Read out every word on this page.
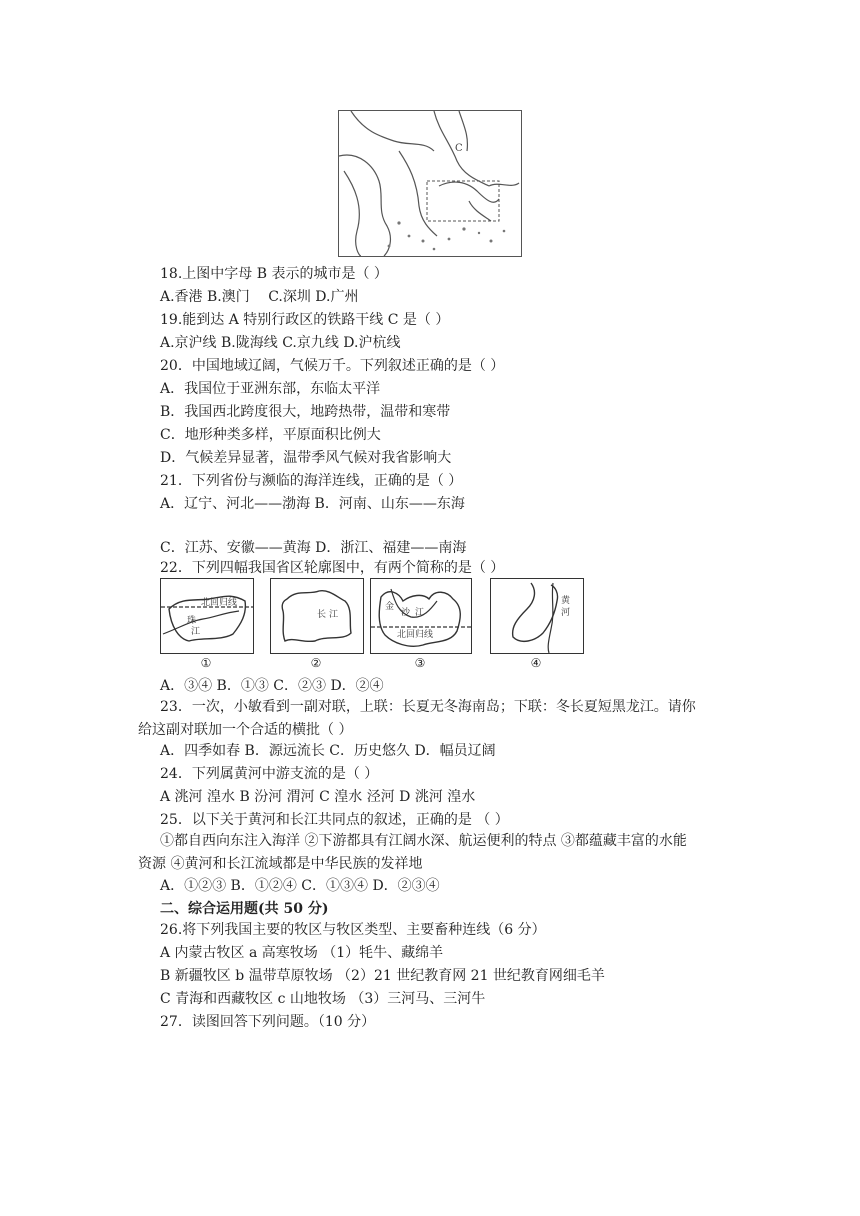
C
18.上图中字母 B 表示的城市是（ ）
A.香港 B.澳门　 C.深圳 D.广州
19.能到达 A 特别行政区的铁路干线 C 是（ ）
A.京沪线 B.陇海线 C.京九线 D.沪杭线
20．中国地域辽阔，气候万千。下列叙述正确的是（ ）
A．我国位于亚洲东部，东临太平洋
B．我国西北跨度很大，地跨热带，温带和寒带
C．地形种类多样，平原面积比例大
D．气候差异显著，温带季风气候对我省影响大
21．下列省份与濒临的海洋连线，正确的是（ ）
A．辽宁、河北——渤海 B．河南、山东——东海
C．江苏、安徽——黄海 D．浙江、福建——南海
22．下列四幅我国省区轮廓图中，有两个简称的是（ ）
北回归线
珠
江
长 江
金
沙 江
北回归线
黄
河
①	②	③	④
A．③④ B．①③ C．②③ D．②④
23．一次，小敏看到一副对联，上联：长夏无冬海南岛；下联：冬长夏短黑龙江。请你
给这副对联加一个合适的横批（ ）
A．四季如春 B．源远流长 C．历史悠久 D．幅员辽阔
24．下列属黄河中游支流的是（ ）
A 洮河 湟水 B 汾河 渭河 C 湟水 泾河 D 洮河 湟水
25．以下关于黄河和长江共同点的叙述，正确的是 （ ）
①都自西向东注入海洋 ②下游都具有江阔水深、航运便利的特点 ③都蕴藏丰富的水能
资源 ④黄河和长江流域都是中华民族的发祥地
A．①②③ B．①②④ C．①③④ D．②③④
二、综合运用题(共 50 分)
26.将下列我国主要的牧区与牧区类型、主要畜种连线（6 分）
A 内蒙古牧区 a 高寒牧场 （1）牦牛、藏绵羊
B 新疆牧区 b 温带草原牧场 （2）21 世纪教育网 21 世纪教育网细毛羊
C 青海和西藏牧区 c 山地牧场 （3）三河马、三河牛
27．读图回答下列问题。（10 分）
